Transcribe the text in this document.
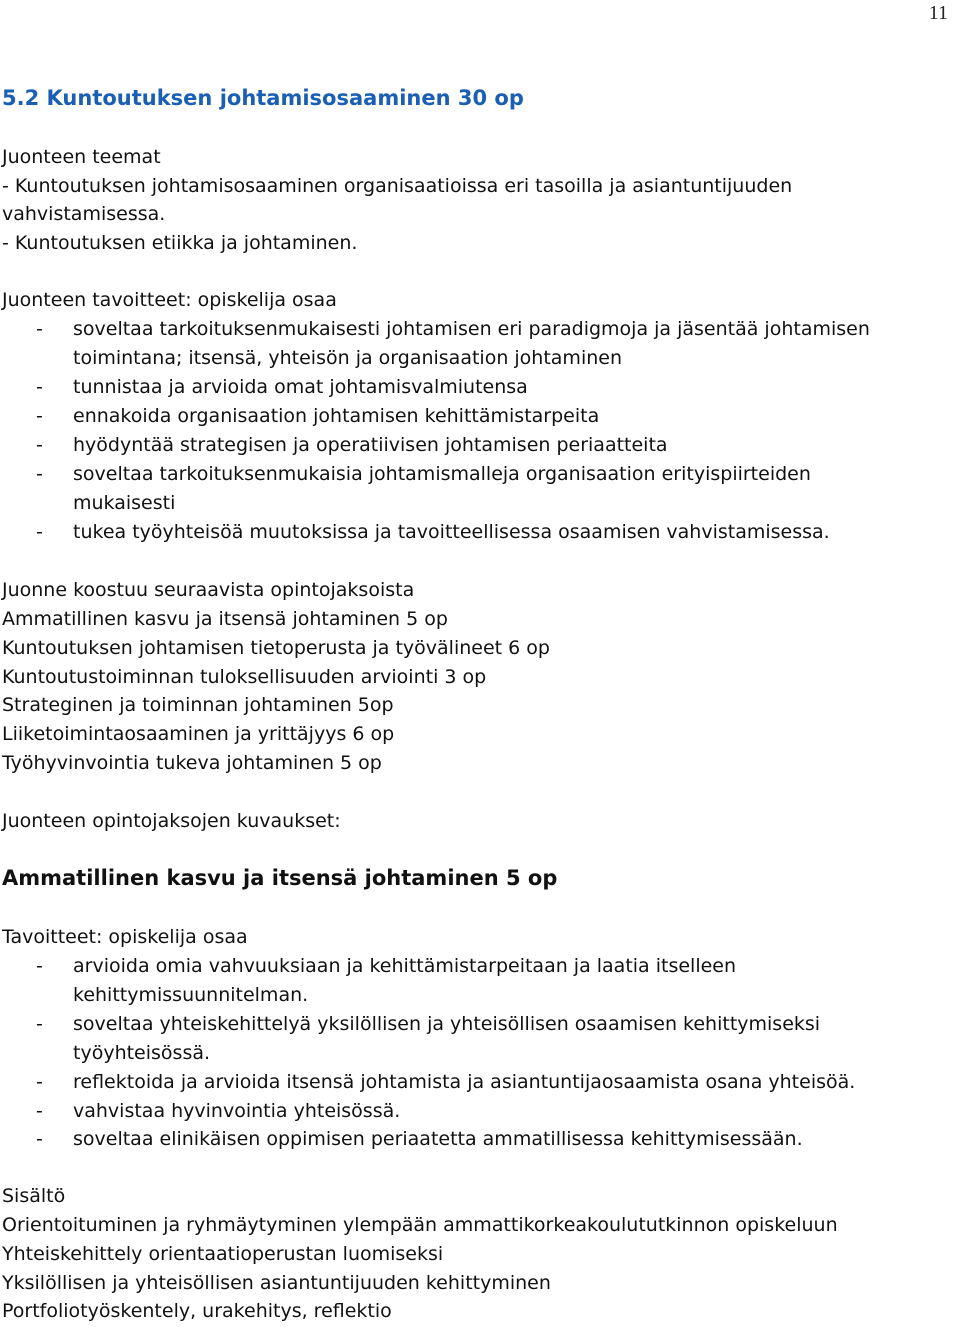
11
5.2 Kuntoutuksen johtamisosaaminen 30 op
Juonteen teemat
- Kuntoutuksen johtamisosaaminen organisaatioissa eri tasoilla ja asiantuntijuuden
vahvistamisessa.
- Kuntoutuksen etiikka ja johtaminen.
Juonteen tavoitteet: opiskelija osaa
- soveltaa tarkoituksenmukaisesti johtamisen eri paradigmoja ja jäsentää johtamisen
toimintana; itsensä, yhteisön ja organisaation johtaminen
- tunnistaa ja arvioida omat johtamisvalmiutensa
- ennakoida organisaation johtamisen kehittämistarpeita
- hyödyntää strategisen ja operatiivisen johtamisen periaatteita
- soveltaa tarkoituksenmukaisia johtamismalleja organisaation erityispiirteiden
mukaisesti
- tukea työyhteisöä muutoksissa ja tavoitteellisessa osaamisen vahvistamisessa.
Juonne koostuu seuraavista opintojaksoista
Ammatillinen kasvu ja itsensä johtaminen 5 op
Kuntoutuksen johtamisen tietoperusta ja työvälineet 6 op
Kuntoutustoiminnan tuloksellisuuden arviointi 3 op
Strateginen ja toiminnan johtaminen 5op
Liiketoimintaosaaminen ja yrittäjyys 6 op
Työhyvinvointia tukeva johtaminen 5 op
Juonteen opintojaksojen kuvaukset:
Ammatillinen kasvu ja itsensä johtaminen 5 op
Tavoitteet: opiskelija osaa
- arvioida omia vahvuuksiaan ja kehittämistarpeitaan ja laatia itselleen
kehittymissuunnitelman.
- soveltaa yhteiskehittelyä yksilöllisen ja yhteisöllisen osaamisen kehittymiseksi
työyhteisössä.
- reflektoida ja arvioida itsensä johtamista ja asiantuntijaosaamista osana yhteisöä.
- vahvistaa hyvinvointia yhteisössä.
- soveltaa elinikäisen oppimisen periaatetta ammatillisessa kehittymisessään.
Sisältö
Orientoituminen ja ryhmäytyminen ylempään ammattikorkeakoulututkinnon opiskeluun
Yhteiskehittely orientaatioperustan luomiseksi
Yksilöllisen ja yhteisöllisen asiantuntijuuden kehittyminen
Portfoliotyöskentely, urakehitys, reflektio
